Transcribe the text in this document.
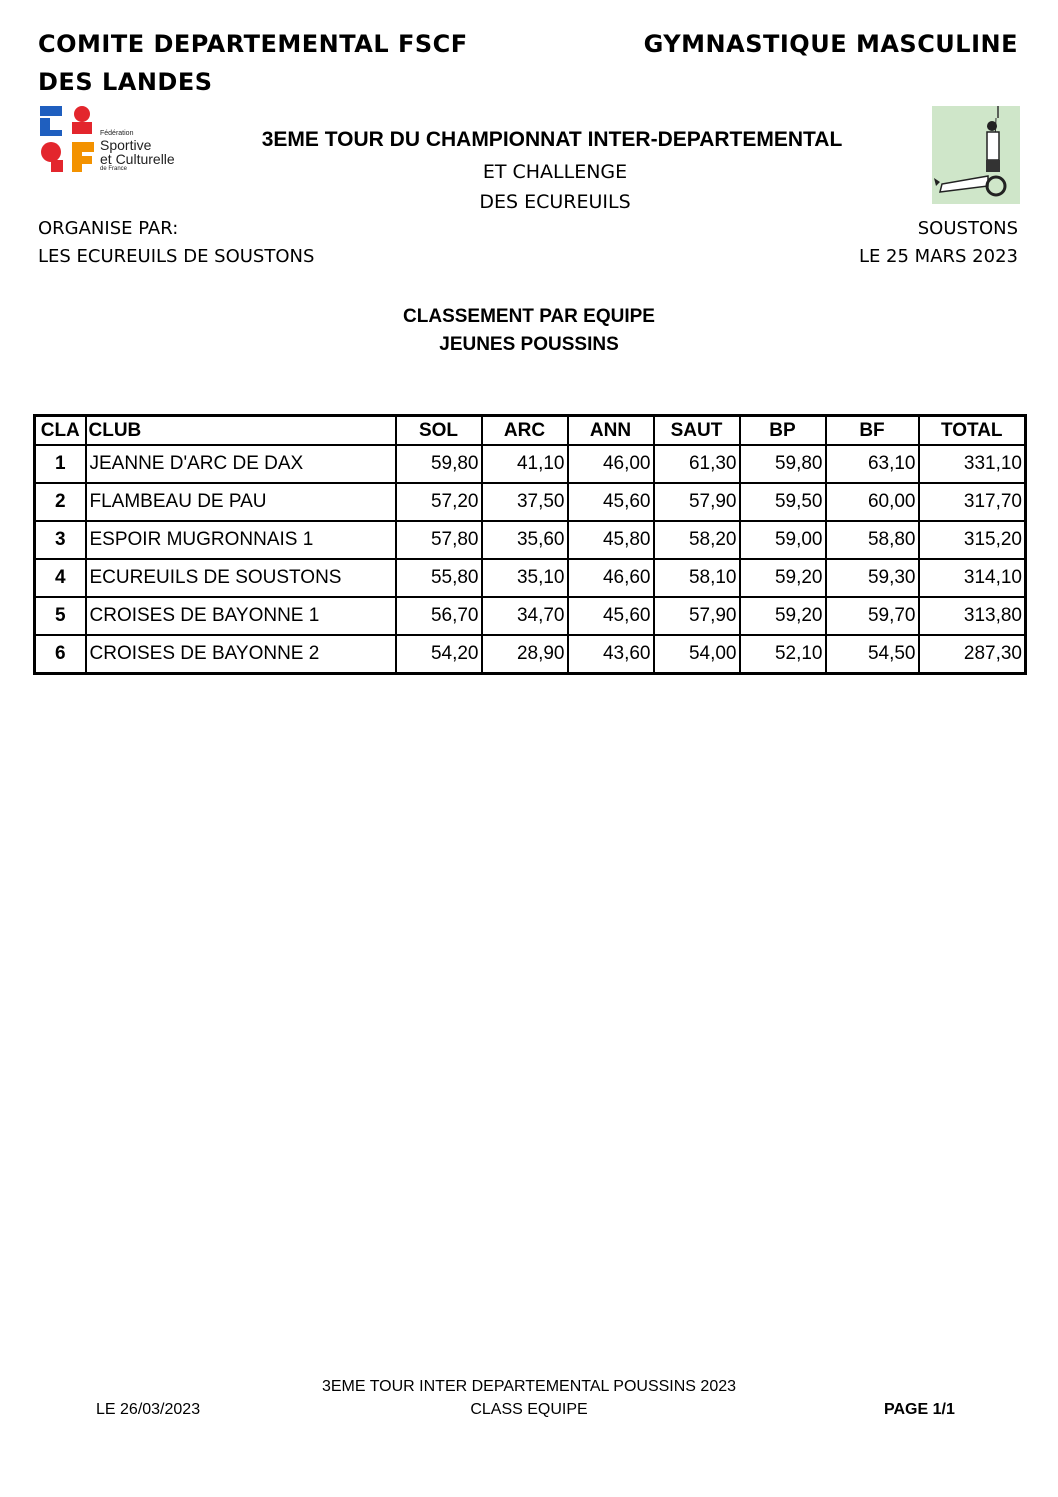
COMITE DEPARTEMENTAL FSCF
DES LANDES
GYMNASTIQUE MASCULINE
Fédération
Sportive
et Culturelle
de France
3EME TOUR DU CHAMPIONNAT INTER-DEPARTEMENTAL
ET CHALLENGE
DES ECUREUILS
ORGANISE PAR:
LES ECUREUILS DE SOUSTONS
SOUSTONS
LE 25 MARS 2023
CLASSEMENT PAR EQUIPE
JEUNES POUSSINS
CLA	CLUB	SOL	ARC	ANN	SAUT	BP	BF	TOTAL
1	JEANNE D'ARC DE DAX	59,80	41,10	46,00	61,30	59,80	63,10	331,10
2	FLAMBEAU DE PAU	57,20	37,50	45,60	57,90	59,50	60,00	317,70
3	ESPOIR MUGRONNAIS 1	57,80	35,60	45,80	58,20	59,00	58,80	315,20
4	ECUREUILS DE SOUSTONS	55,80	35,10	46,60	58,10	59,20	59,30	314,10
5	CROISES DE BAYONNE 1	56,70	34,70	45,60	57,90	59,20	59,70	313,80
6	CROISES DE BAYONNE 2	54,20	28,90	43,60	54,00	52,10	54,50	287,30
3EME TOUR INTER DEPARTEMENTAL POUSSINS 2023
CLASS EQUIPE
LE 26/03/2023	PAGE 1/1
